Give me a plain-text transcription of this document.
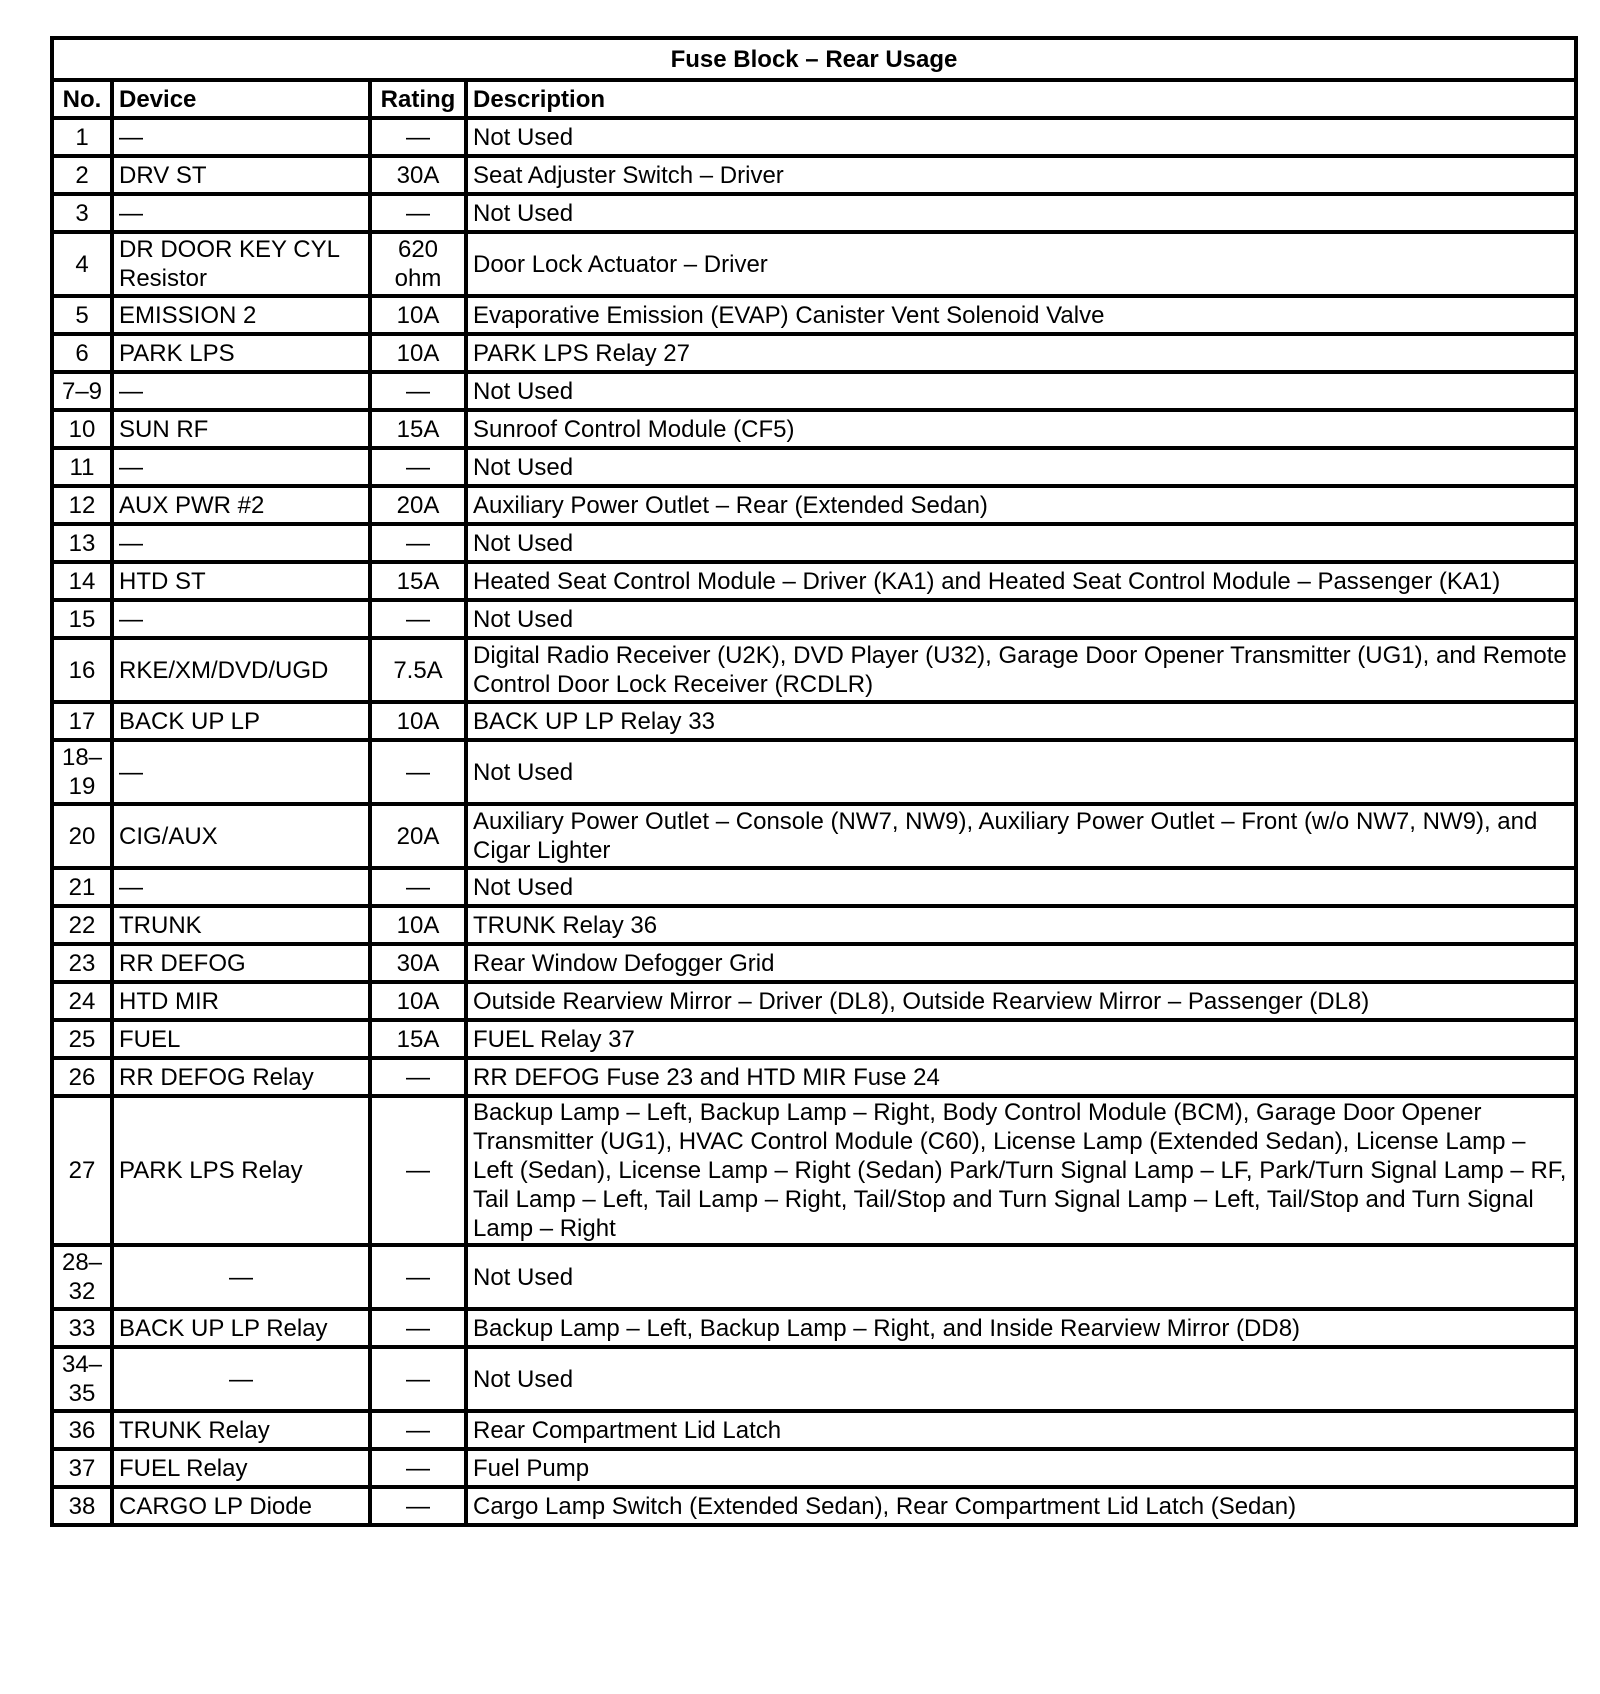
Fuse Block – Rear Usage			
No.	Device	Rating	Description
1	—	—	Not Used
2	DRV ST	30A	Seat Adjuster Switch – Driver
3	—	—	Not Used
4	DR DOOR KEY CYL Resistor	620 ohm	Door Lock Actuator – Driver
5	EMISSION 2	10A	Evaporative Emission (EVAP) Canister Vent Solenoid Valve
6	PARK LPS	10A	PARK LPS Relay 27
7–9	—	—	Not Used
10	SUN RF	15A	Sunroof Control Module (CF5)
11	—	—	Not Used
12	AUX PWR #2	20A	Auxiliary Power Outlet – Rear (Extended Sedan)
13	—	—	Not Used
14	HTD ST	15A	Heated Seat Control Module – Driver (KA1) and Heated Seat Control Module – Passenger (KA1)
15	—	—	Not Used
16	RKE/XM/DVD/UGD	7.5A	Digital Radio Receiver (U2K), DVD Player (U32), Garage Door Opener Transmitter (UG1), and Remote Control Door Lock Receiver (RCDLR)
17	BACK UP LP	10A	BACK UP LP Relay 33
18–19	—	—	Not Used
20	CIG/AUX	20A	Auxiliary Power Outlet – Console (NW7, NW9), Auxiliary Power Outlet – Front (w/o NW7, NW9), and Cigar Lighter
21	—	—	Not Used
22	TRUNK	10A	TRUNK Relay 36
23	RR DEFOG	30A	Rear Window Defogger Grid
24	HTD MIR	10A	Outside Rearview Mirror – Driver (DL8), Outside Rearview Mirror – Passenger (DL8)
25	FUEL	15A	FUEL Relay 37
26	RR DEFOG Relay	—	RR DEFOG Fuse 23 and HTD MIR Fuse 24
27	PARK LPS Relay	—	Backup Lamp – Left, Backup Lamp – Right, Body Control Module (BCM), Garage Door Opener Transmitter (UG1), HVAC Control Module (C60), License Lamp (Extended Sedan), License Lamp – Left (Sedan), License Lamp – Right (Sedan) Park/Turn Signal Lamp – LF, Park/Turn Signal Lamp – RF, Tail Lamp – Left, Tail Lamp – Right, Tail/Stop and Turn Signal Lamp – Left, Tail/Stop and Turn Signal Lamp – Right
28–32	—	—	Not Used
33	BACK UP LP Relay	—	Backup Lamp – Left, Backup Lamp – Right, and Inside Rearview Mirror (DD8)
34–35	—	—	Not Used
36	TRUNK Relay	—	Rear Compartment Lid Latch
37	FUEL Relay	—	Fuel Pump
38	CARGO LP Diode	—	Cargo Lamp Switch (Extended Sedan), Rear Compartment Lid Latch (Sedan)
